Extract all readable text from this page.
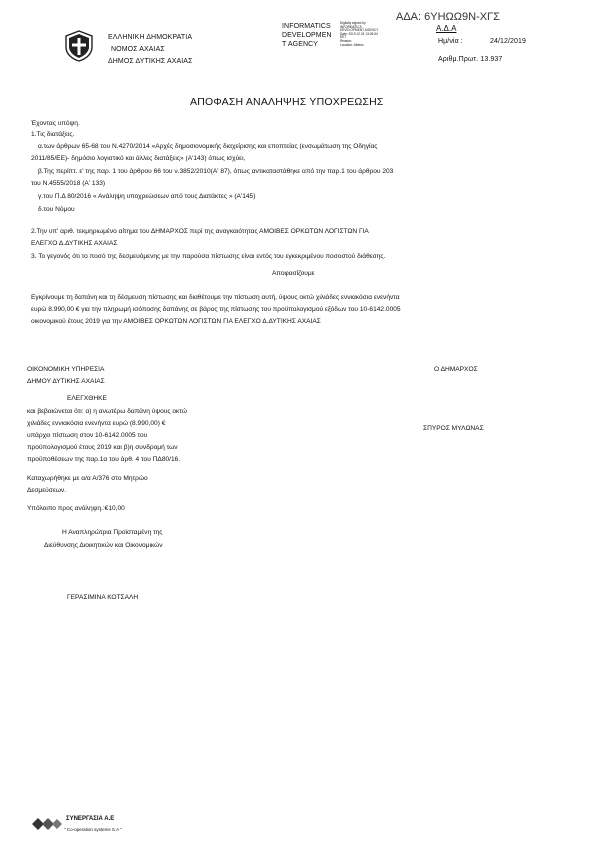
ΕΛΛΗΝΙΚΗ ΔΗΜΟΚΡΑΤΙΑ
ΝΟΜΟΣ ΑΧΑΙΑΣ
ΔΗΜΟΣ ΔΥΤΙΚΗΣ ΑΧΑΙΑΣ
INFORMATICS
DEVELOPMEN
T AGENCY
Digitally signed by
INFORMATICS
DEVELOPMENT AGENCY
Date: 2019.12.24 13:26:54
EET
Reason:
Location: Athens
ΑΔΑ: 6ΥΗΩΩ9Ν-ΧΓΣ
Α.Δ.Α
Ημ/νία :	24/12/2019
Αριθμ.Πρωτ. 13.937
ΑΠΟΦΑΣΗ ΑΝΑΛΗΨΗΣ ΥΠΟΧΡΕΩΣΗΣ
Έχοντας υπόψη.
1.Τις διατάξεις.
α.των άρθρων 65-68 του Ν.4270/2014 «Αρχές δημοσιονομικής διαχείρισης και εποπτείας (ενσωμάτωση της Οδηγίας
2011/85/ΕΕ)- δημόσιο λογιστικό και άλλες διατάξεις» (Α'143) όπως ισχύει,
β.Της περίπτ. ε' της παρ. 1 του άρθρου 66 του ν.3852/2010(Α' 87), όπως αντικαταστάθηκε από την παρ.1 του άρθρου 203
του Ν.4555/2018 (Α' 133)
γ.του Π.Δ 80/2016 « Ανάληψη υποχρεώσεων από τους Διατάκτες » (Α'145)
δ.του Νόμου
2.Την υπ' αριθ. τεκμηριωμένο αίτημα του ΔΗΜΑΡΧΟΣ περί της αναγκαιότητας ΑΜΟΙΒΕΣ ΟΡΚΩΤΩΝ ΛΟΓΙΣΤΩΝ ΓΙΑ
ΕΛΕΓΧΟ Δ.ΔΥΤΙΚΗΣ ΑΧΑΙΑΣ
3. Το γεγονός ότι το ποσό της δεσμευόμενης με την παρούσα πίστωσης είναι εντός του εγκεκριμένου ποσοστού διάθεσης.
Αποφασίζουμε
Εγκρίνουμε τη δαπάνη και τη δέσμευση πίστωσης και διαθέτουμε την πίστωση αυτή, ύψους οκτώ χιλιάδες εννιακόσια ενενήντα
ευρώ 8.990,00 € για την πληρωμή ισόποσης δαπάνης σε βάρος της πίστωσης του προϋπολογισμού εξόδων του 10-6142.0005
οικονομικού έτους 2019 για την ΑΜΟΙΒΕΣ ΟΡΚΩΤΩΝ ΛΟΓΙΣΤΩΝ ΓΙΑ ΕΛΕΓΧΟ Δ.ΔΥΤΙΚΗΣ ΑΧΑΙΑΣ
ΟΙΚΟΝΟΜΙΚΗ ΥΠΗΡΕΣΙΑ
ΔΗΜΟΥ ΔΥΤΙΚΗΣ ΑΧΑΙΑΣ
ΕΛΕΓΧΘΗΚΕ
και βεβαιώνεται ότι: α) η ανωτέρω δαπάνη ύψους οκτώ
χιλιάδες εννιακόσια ενενήντα ευρώ (8.990,00) €
υπάρχει πίστωση στον 10-6142.0005 του
προϋπολογισμού έτους 2019 και β)η συνδρομή των
προϋποθέσεων της παρ.1α του άρθ. 4 του ΠΔ80/16.
Καταχωρήθηκε με α/α Α/376 στο Μητρώο
Δεσμεύσεων.
Υπόλοιπο προς ανάληψη.:€10,00
Η Αναπληρώτρια Προϊσταμένη της
Διεύθυνσης Διοικητικών και Οικονομικών
ΓΕΡΑΣΙΜΙΝΑ ΚΟΤΣΑΛΗ
Ο ΔΗΜΑΡΧΟΣ
ΣΠΥΡΟΣ ΜΥΛΩΝΑΣ
ΣΥΝΕΡΓΑΣΙΑ Α.Ε
" Co-operation systems S.A "
